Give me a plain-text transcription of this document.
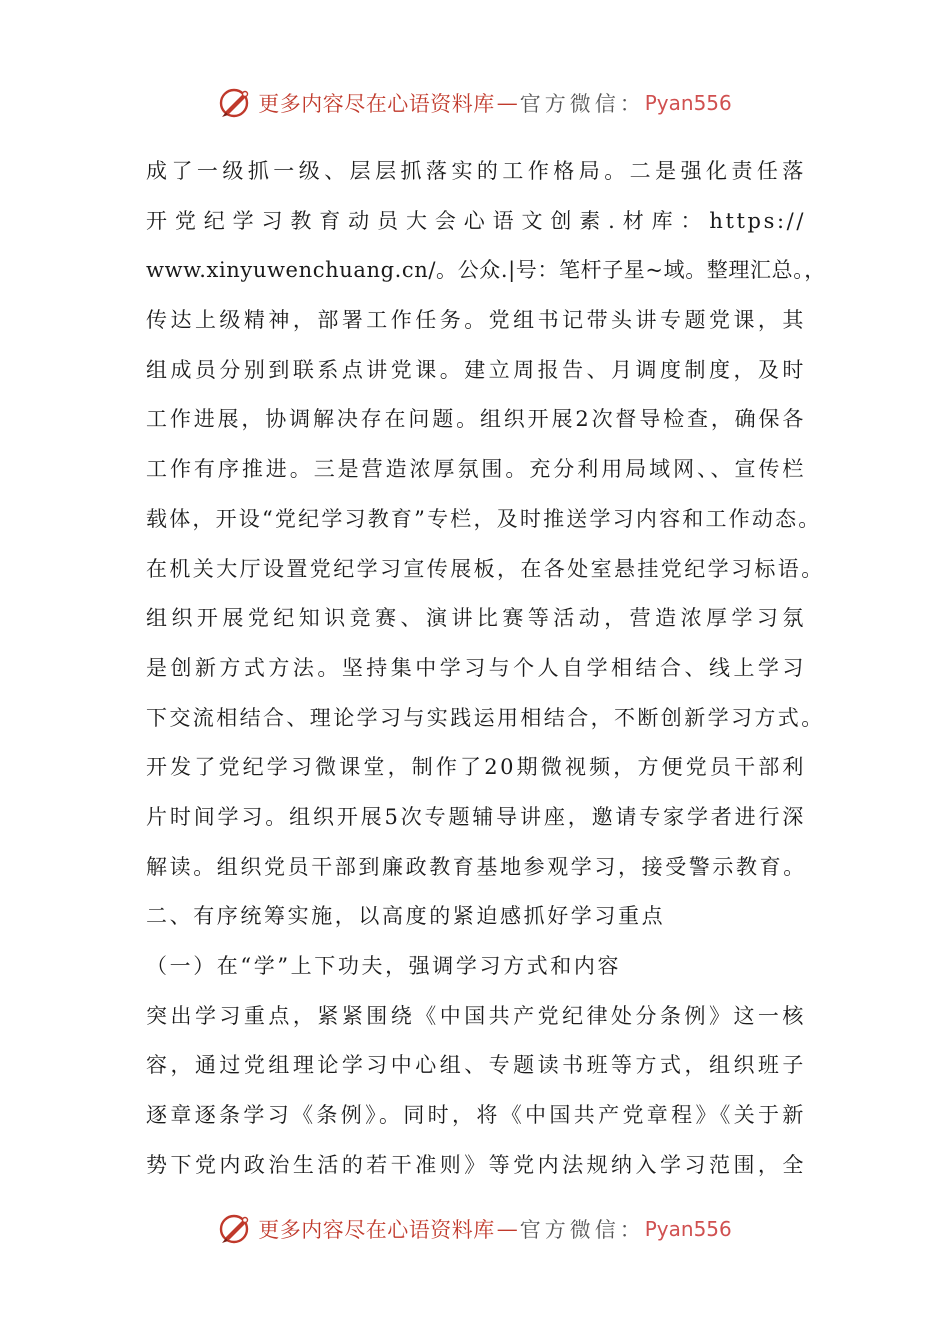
更多内容尽在心语资料库 — 官方微信： Pyan556
成了一级抓一级、层层抓落实的工作格局。二是强化责任落
开党纪学习教育动员大会心语文创素.材库：https://
www.xinyuwenchuang.cn/。公众.|号：笔杆子星~域。整理汇总。，
传达上级精神，部署工作任务。党组书记带头讲专题党课，其
组成员分别到联系点讲党课。建立周报告、月调度制度，及时
工作进展，协调解决存在问题。组织开展2次督导检查，确保各
工作有序推进。三是营造浓厚氛围。充分利用局域网、、宣传栏
载体，开设“党纪学习教育”专栏，及时推送学习内容和工作动态。
在机关大厅设置党纪学习宣传展板，在各处室悬挂党纪学习标语。
组织开展党纪知识竞赛、演讲比赛等活动，营造浓厚学习氛
是创新方式方法。坚持集中学习与个人自学相结合、线上学习
下交流相结合、理论学习与实践运用相结合，不断创新学习方式。
开发了党纪学习微课堂，制作了20期微视频，方便党员干部利
片时间学习。组织开展5次专题辅导讲座，邀请专家学者进行深
解读。组织党员干部到廉政教育基地参观学习，接受警示教育。
二、有序统筹实施，以高度的紧迫感抓好学习重点
（一）在“学”上下功夫，强调学习方式和内容
突出学习重点，紧紧围绕《中国共产党纪律处分条例》这一核
容，通过党组理论学习中心组、专题读书班等方式，组织班子
逐章逐条学习《条例》。同时，将《中国共产党章程》《关于新
势下党内政治生活的若干准则》等党内法规纳入学习范围，全
更多内容尽在心语资料库 — 官方微信： Pyan556
